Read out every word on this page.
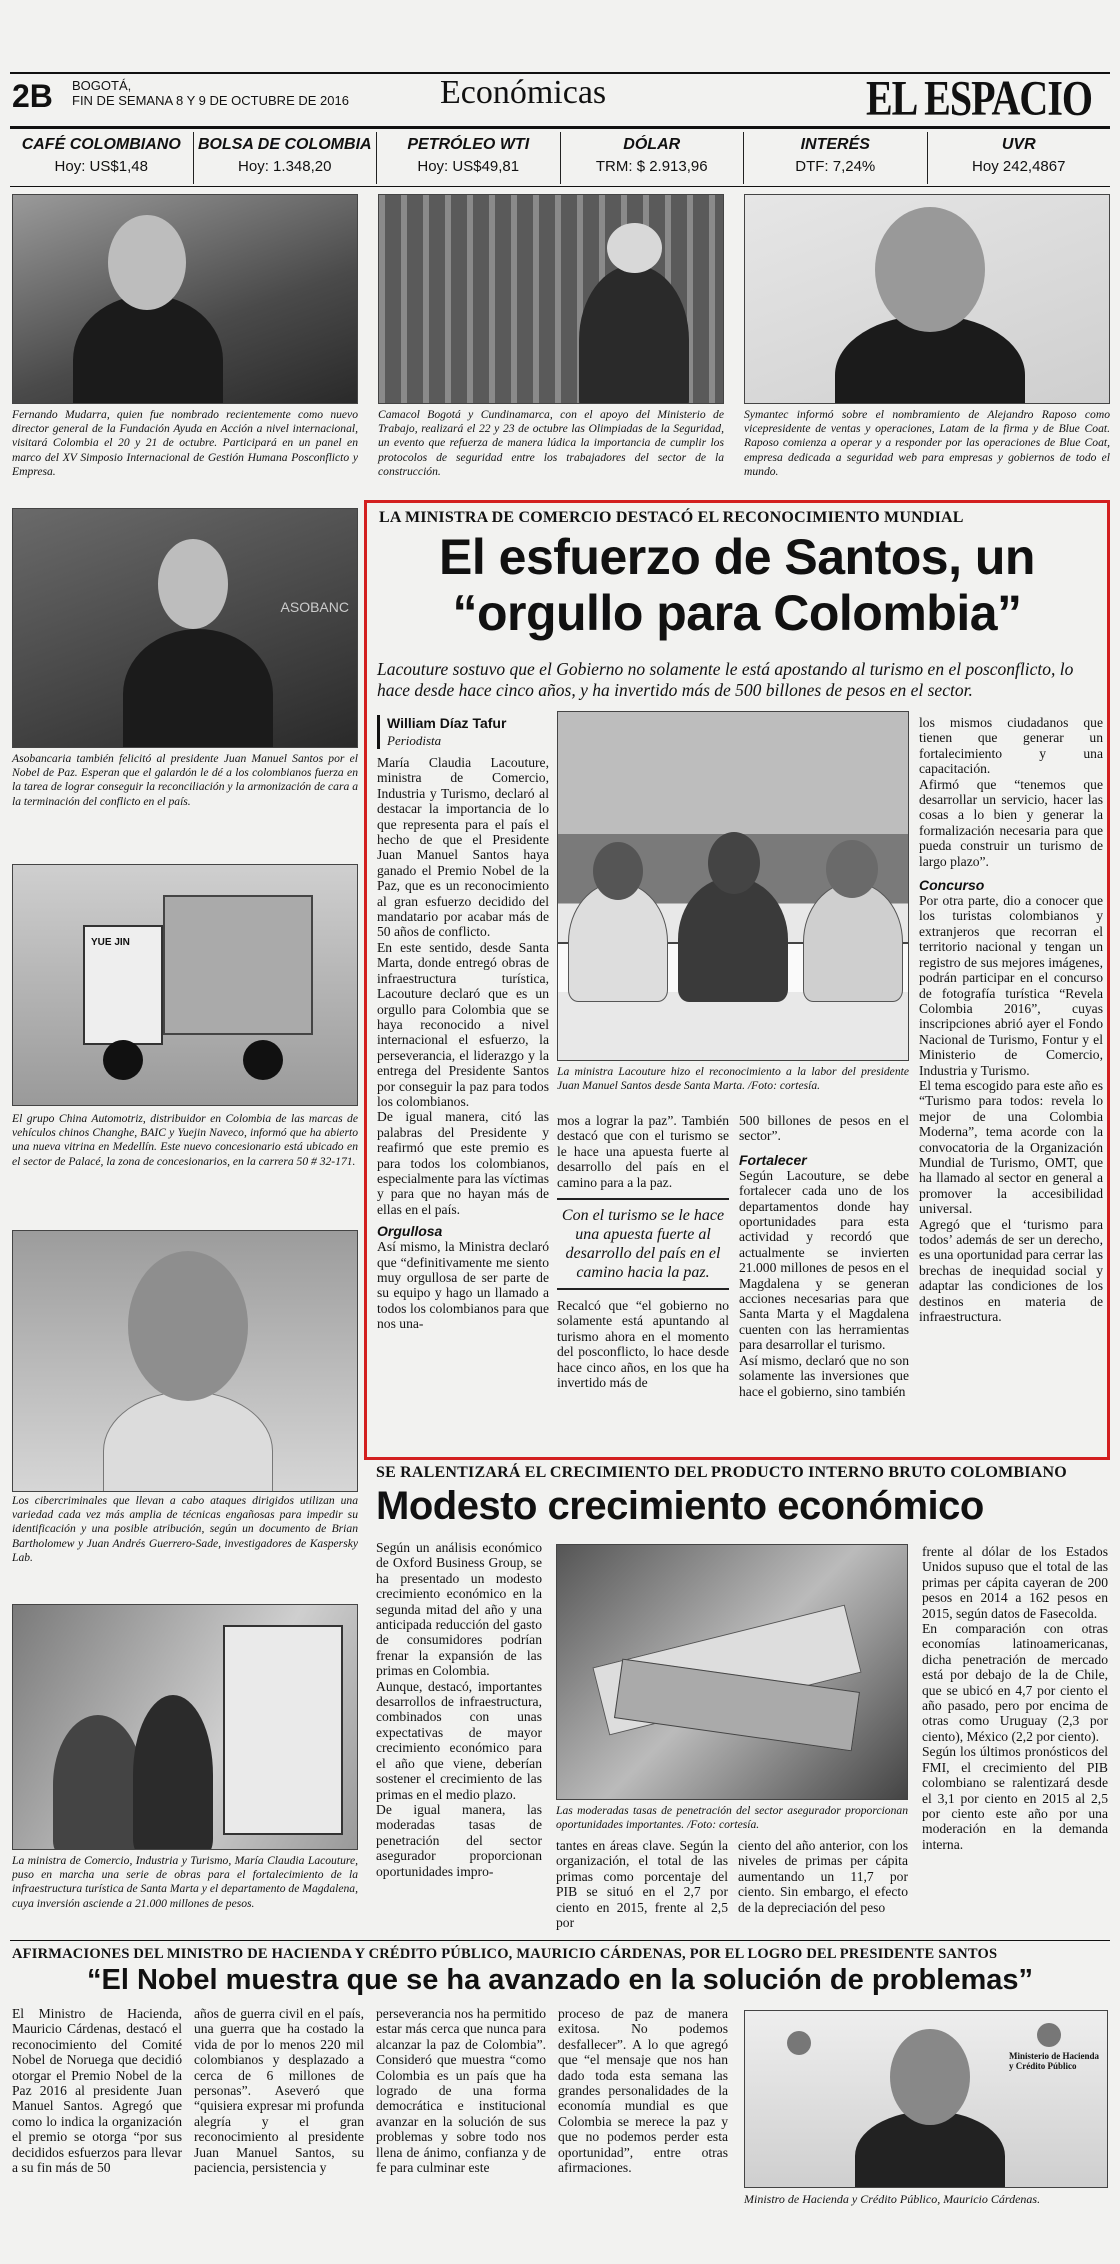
2B BOGOTÁ,
FIN DE SEMANA 8 Y 9 DE OCTUBRE DE 2016	Económicas	EL ESPACIO
CAFÉ COLOMBIANO
Hoy: US$1,48
BOLSA DE COLOMBIA
Hoy: 1.348,20
PETRÓLEO WTI
Hoy: US$49,81
DÓLAR
TRM: $ 2.913,96
INTERÉS
DTF: 7,24%
UVR
Hoy 242,4867
Fernando Mudarra, quien fue nombrado recientemente como nuevo director general de la Fundación Ayuda en Acción a nivel internacional, visitará Colombia el 20 y 21 de octubre. Participará en un panel en marco del XV Simposio Internacional de Gestión Humana Posconflicto y Empresa.
Camacol Bogotá y Cundinamarca, con el apoyo del Ministerio de Trabajo, realizará el 22 y 23 de octubre las Olimpiadas de la Seguridad, un evento que refuerza de manera lúdica la importancia de cumplir los protocolos de seguridad entre los trabajadores del sector de la construcción.
Symantec informó sobre el nombramiento de Alejandro Raposo como vicepresidente de ventas y operaciones, Latam de la firma y de Blue Coat. Raposo comienza a operar y a responder por las operaciones de Blue Coat, empresa dedicada a seguridad web para empresas y gobiernos de todo el mundo.
ASOBANC
Asobancaria también felicitó al presidente Juan Manuel Santos por el Nobel de Paz. Esperan que el galardón le dé a los colombianos fuerza en la tarea de lograr conseguir la reconciliación y la armonización de cara a la terminación del conflicto en el país.
YUE JIN
El grupo China Automotriz, distribuidor en Colombia de las marcas de vehículos chinos Changhe, BAIC y Yuejin Naveco, informó que ha abierto una nueva vitrina en Medellín. Este nuevo concesionario está ubicado en el sector de Palacé, la zona de concesionarios, en la carrera 50 # 32-171.
Los cibercriminales que llevan a cabo ataques dirigidos utilizan una variedad cada vez más amplia de técnicas engañosas para impedir su identificación y una posible atribución, según un documento de Brian Bartholomew y Juan Andrés Guerrero-Sade, investigadores de Kaspersky Lab.
La ministra de Comercio, Industria y Turismo, María Claudia Lacouture, puso en marcha una serie de obras para el fortalecimiento de la infraestructura turística de Santa Marta y el departamento de Magdalena, cuya inversión asciende a 21.000 millones de pesos.
LA MINISTRA DE COMERCIO DESTACÓ EL RECONOCIMIENTO MUNDIAL
El esfuerzo de Santos, un
“orgullo para Colombia”
Lacouture sostuvo que el Gobierno no solamente le está apostando al turismo en el posconflicto, lo hace desde hace cinco años, y ha invertido más de 500 billones de pesos en el sector.
William Díaz Tafur
Periodista

María Claudia Lacouture, ministra de Comercio, Industria y Turismo, declaró al destacar la importancia de lo que representa para el país el hecho de que el Presidente Juan Manuel Santos haya ganado el Premio Nobel de la Paz, que es un reconocimiento al gran esfuerzo decidido del mandatario por acabar más de 50 años de conflicto.

En este sentido, desde Santa Marta, donde entregó obras de infraestructura turística, Lacouture declaró que es un orgullo para Colombia que se haya reconocido a nivel internacional el esfuerzo, la perseverancia, el liderazgo y la entrega del Presidente Santos por conseguir la paz para todos los colombianos.

De igual manera, citó las palabras del Presidente y reafirmó que este premio es para todos los colombianos, especialmente para las víctimas y para que no hayan más de ellas en el país.

Orgullosa

Así mismo, la Ministra declaró que “definitivamente me siento muy orgullosa de ser parte de su equipo y hago un llamado a todos los colombianos para que nos una-

La ministra Lacouture hizo el reconocimiento a la labor del presidente Juan Manuel Santos desde Santa Marta. /Foto: cortesía.

mos a lograr la paz”. También destacó que con el turismo se le hace una apuesta fuerte al desarrollo del país en el camino para a la paz.

Con el turismo se le hace una apuesta fuerte al desarrollo del país en el camino hacia la paz.

Recalcó que “el gobierno no solamente está apuntando al turismo ahora en el momento del posconflicto, lo hace desde hace cinco años, en los que ha invertido más de

500 billones de pesos en el sector”.

Fortalecer

Según Lacouture, se debe fortalecer cada uno de los departamentos donde hay oportunidades para esta actividad y recordó que actualmente se invierten 21.000 millones de pesos en el Magdalena y se generan acciones necesarias para que Santa Marta y el Magdalena cuenten con las herramientas para desarrollar el turismo.

Así mismo, declaró que no son solamente las inversiones que hace el gobierno, sino también

los mismos ciudadanos que tienen que generar un fortalecimiento y una capacitación.

Afirmó que “tenemos que desarrollar un servicio, hacer las cosas a lo bien y generar la formalización necesaria para que pueda construir un turismo de largo plazo”.

Concurso

Por otra parte, dio a conocer que los turistas colombianos y extranjeros que recorran el territorio nacional y tengan un registro de sus mejores imágenes, podrán participar en el concurso de fotografía turística “Revela Colombia 2016”, cuyas inscripciones abrió ayer el Fondo Nacional de Turismo, Fontur y el Ministerio de Comercio, Industria y Turismo.

El tema escogido para este año es “Turismo para todos: revela lo mejor de una Colombia Moderna”, tema acorde con la convocatoria de la Organización Mundial de Turismo, OMT, que ha llamado al sector en general a promover la accesibilidad universal.

Agregó que el ‘turismo para todos’ además de ser un derecho, es una oportunidad para cerrar las brechas de inequidad social y adaptar las condiciones de los destinos en materia de infraestructura.

SE RALENTIZARÁ EL CRECIMIENTO DEL PRODUCTO INTERNO BRUTO COLOMBIANO
Modesto crecimiento económico

Según un análisis económico de Oxford Business Group, se ha presentado un modesto crecimiento económico en la segunda mitad del año y una anticipada reducción del gasto de consumidores podrían frenar la expansión de las primas en Colombia.

Aunque, destacó, importantes desarrollos de infraestructura, combinados con unas expectativas de mayor crecimiento económico para el año que viene, deberían sostener el crecimiento de las primas en el medio plazo.

De igual manera, las moderadas tasas de penetración del sector asegurador proporcionan oportunidades impro-

Las moderadas tasas de penetración del sector asegurador proporcionan oportunidades importantes. /Foto: cortesía.

tantes en áreas clave. Según la organización, el total de las primas como porcentaje del PIB se situó en el 2,7 por ciento en 2015, frente al 2,5 por

ciento del año anterior, con los niveles de primas per cápita aumentando un 11,7 por ciento. Sin embargo, el efecto de la depreciación del peso

frente al dólar de los Estados Unidos supuso que el total de las primas per cápita cayeran de 200 pesos en 2014 a 162 pesos en 2015, según datos de Fasecolda.

En comparación con otras economías latinoamericanas, dicha penetración de mercado está por debajo de la de Chile, que se ubicó en 4,7 por ciento el año pasado, pero por encima de otras como Uruguay (2,3 por ciento), México (2,2 por ciento).

Según los últimos pronósticos del FMI, el crecimiento del PIB colombiano se ralentizará desde el 3,1 por ciento en 2015 al 2,5 por ciento este año por una moderación en la demanda interna.

AFIRMACIONES DEL MINISTRO DE HACIENDA Y CRÉDITO PÚBLICO, MAURICIO CÁRDENAS, POR EL LOGRO DEL PRESIDENTE SANTOS
“El Nobel muestra que se ha avanzado en la solución de problemas”

El Ministro de Hacienda, Mauricio Cárdenas, destacó el reconocimiento del Comité Nobel de Noruega que decidió otorgar el Premio Nobel de la Paz 2016 al presidente Juan Manuel Santos. Agregó que como lo indica la organización el premio se otorga “por sus decididos esfuerzos para llevar a su fin más de 50

años de guerra civil en el país, una guerra que ha costado la vida de por lo menos 220 mil colombianos y desplazado a cerca de 6 millones de personas”. Aseveró que “quisiera expresar mi profunda alegría y el gran reconocimiento al presidente Juan Manuel Santos, su paciencia, persistencia y

perseverancia nos ha permitido estar más cerca que nunca para alcanzar la paz de Colombia”. Consideró que muestra “como Colombia es un país que ha logrado de una forma democrática e institucional avanzar en la solución de sus problemas y sobre todo nos llena de ánimo, confianza y de fe para culminar este

proceso de paz de manera exitosa. No podemos desfallecer”. A lo que agregó que “el mensaje que nos han dado toda esta semana las grandes personalidades de la economía mundial es que Colombia se merece la paz y que no podemos perder esta oportunidad”, entre otras afirmaciones.

Ministerio de Hacienda y Crédito Público
Ministro de Hacienda y Crédito Público, Mauricio Cárdenas.
